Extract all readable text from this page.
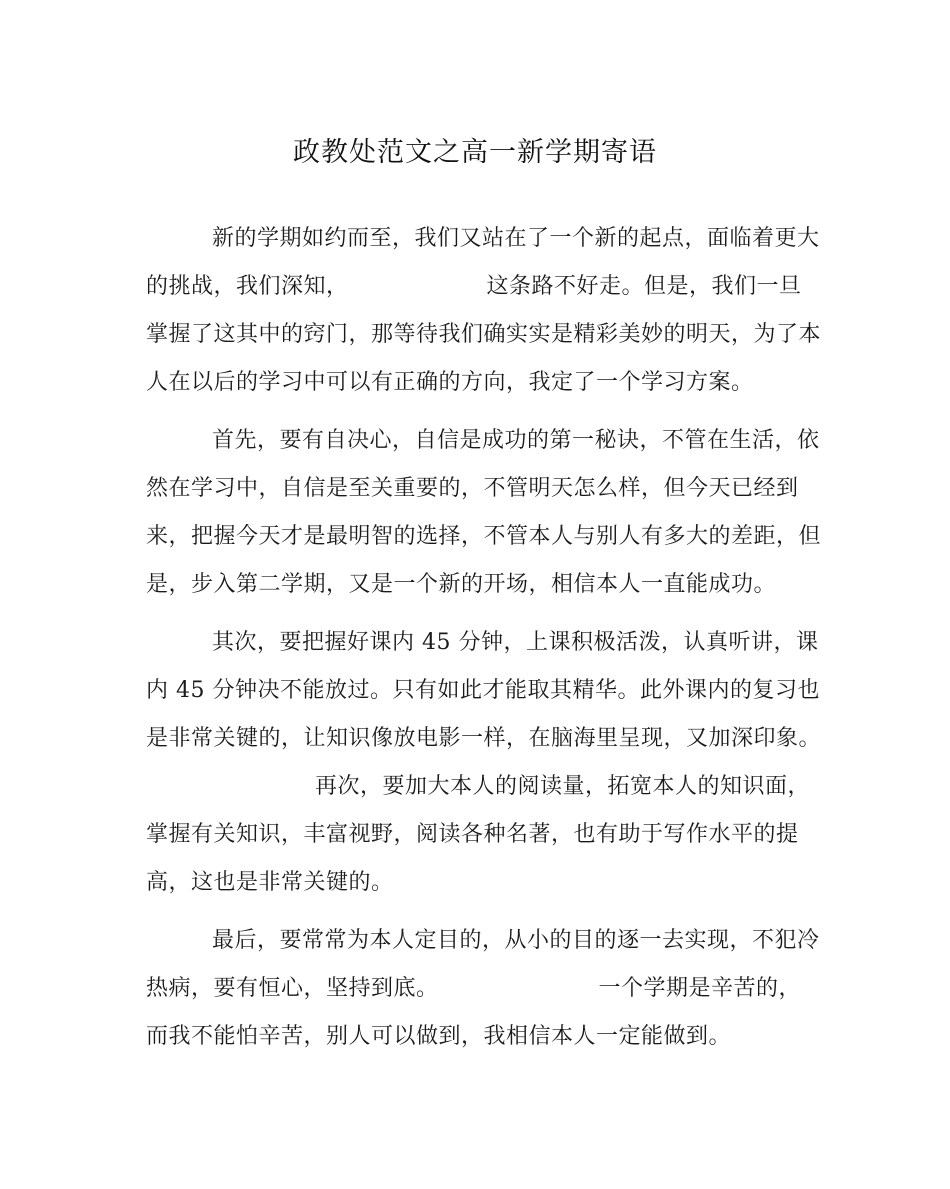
政教处范文之高一新学期寄语
新的学期如约而至，我们又站在了一个新的起点，面临着更大
的挑战，我们深知，	这条路不好走。但是，我们一旦
掌握了这其中的窍门，那等待我们确实实是精彩美妙的明天，为了本
人在以后的学习中可以有正确的方向，我定了一个学习方案。
首先，要有自决心，自信是成功的第一秘诀，不管在生活，依
然在学习中，自信是至关重要的，不管明天怎么样，但今天已经到
来，把握今天才是最明智的选择，不管本人与别人有多大的差距，但
是，步入第二学期，又是一个新的开场，相信本人一直能成功。
其次，要把握好课内 45 分钟，上课积极活泼，认真听讲，课
内 45 分钟决不能放过。只有如此才能取其精华。此外课内的复习也
是非常关键的，让知识像放电影一样，在脑海里呈现，又加深印象。
再次，要加大本人的阅读量，拓宽本人的知识面，
掌握有关知识，丰富视野，阅读各种名著，也有助于写作水平的提
高，这也是非常关键的。
最后，要常常为本人定目的，从小的目的逐一去实现，不犯冷
热病，要有恒心，坚持到底。	一个学期是辛苦的，
而我不能怕辛苦，别人可以做到，我相信本人一定能做到。
